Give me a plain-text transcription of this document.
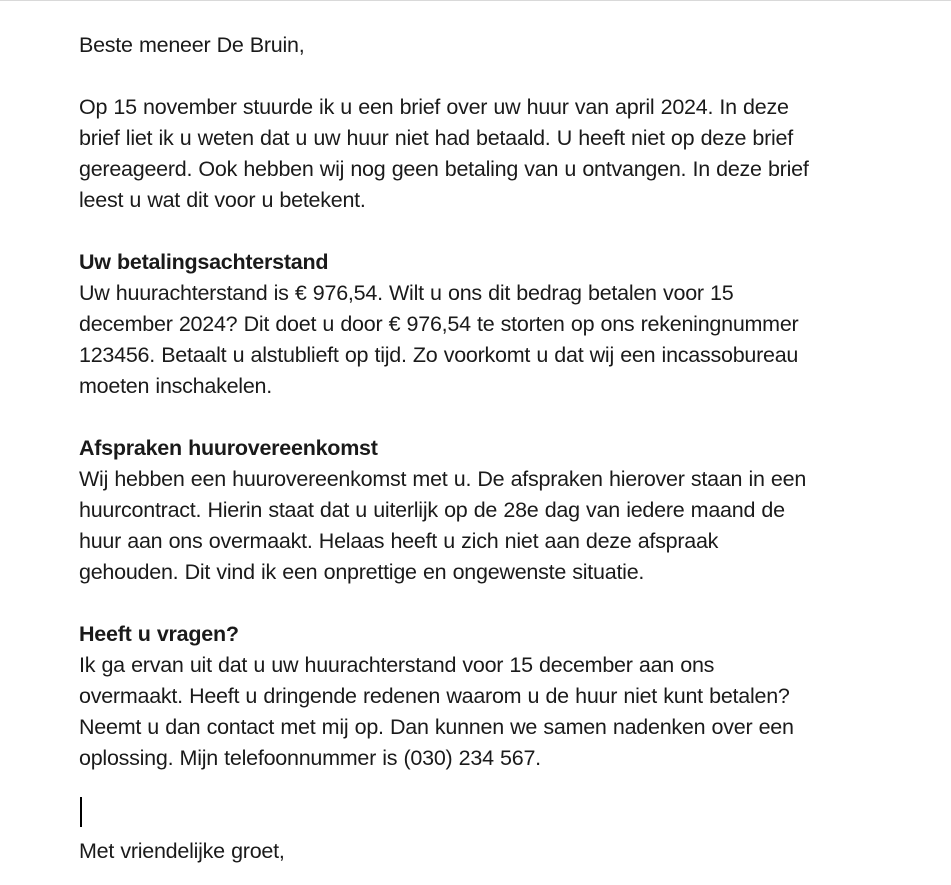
Beste meneer De Bruin,

Op 15 november stuurde ik u een brief over uw huur van april 2024. In deze
brief liet ik u weten dat u uw huur niet had betaald. U heeft niet op deze brief
gereageerd. Ook hebben wij nog geen betaling van u ontvangen. In deze brief
leest u wat dit voor u betekent.

Uw betalingsachterstand
Uw huurachterstand is € 976,54. Wilt u ons dit bedrag betalen voor 15
december 2024? Dit doet u door € 976,54 te storten op ons rekeningnummer
123456. Betaalt u alstublieft op tijd. Zo voorkomt u dat wij een incassobureau
moeten inschakelen.

Afspraken huurovereenkomst
Wij hebben een huurovereenkomst met u. De afspraken hierover staan in een
huurcontract. Hierin staat dat u uiterlijk op de 28e dag van iedere maand de
huur aan ons overmaakt. Helaas heeft u zich niet aan deze afspraak
gehouden. Dit vind ik een onprettige en ongewenste situatie.

Heeft u vragen?
Ik ga ervan uit dat u uw huurachterstand voor 15 december aan ons
overmaakt. Heeft u dringende redenen waarom u de huur niet kunt betalen?
Neemt u dan contact met mij op. Dan kunnen we samen nadenken over een
oplossing. Mijn telefoonnummer is (030) 234 567.

Met vriendelijke groet,
